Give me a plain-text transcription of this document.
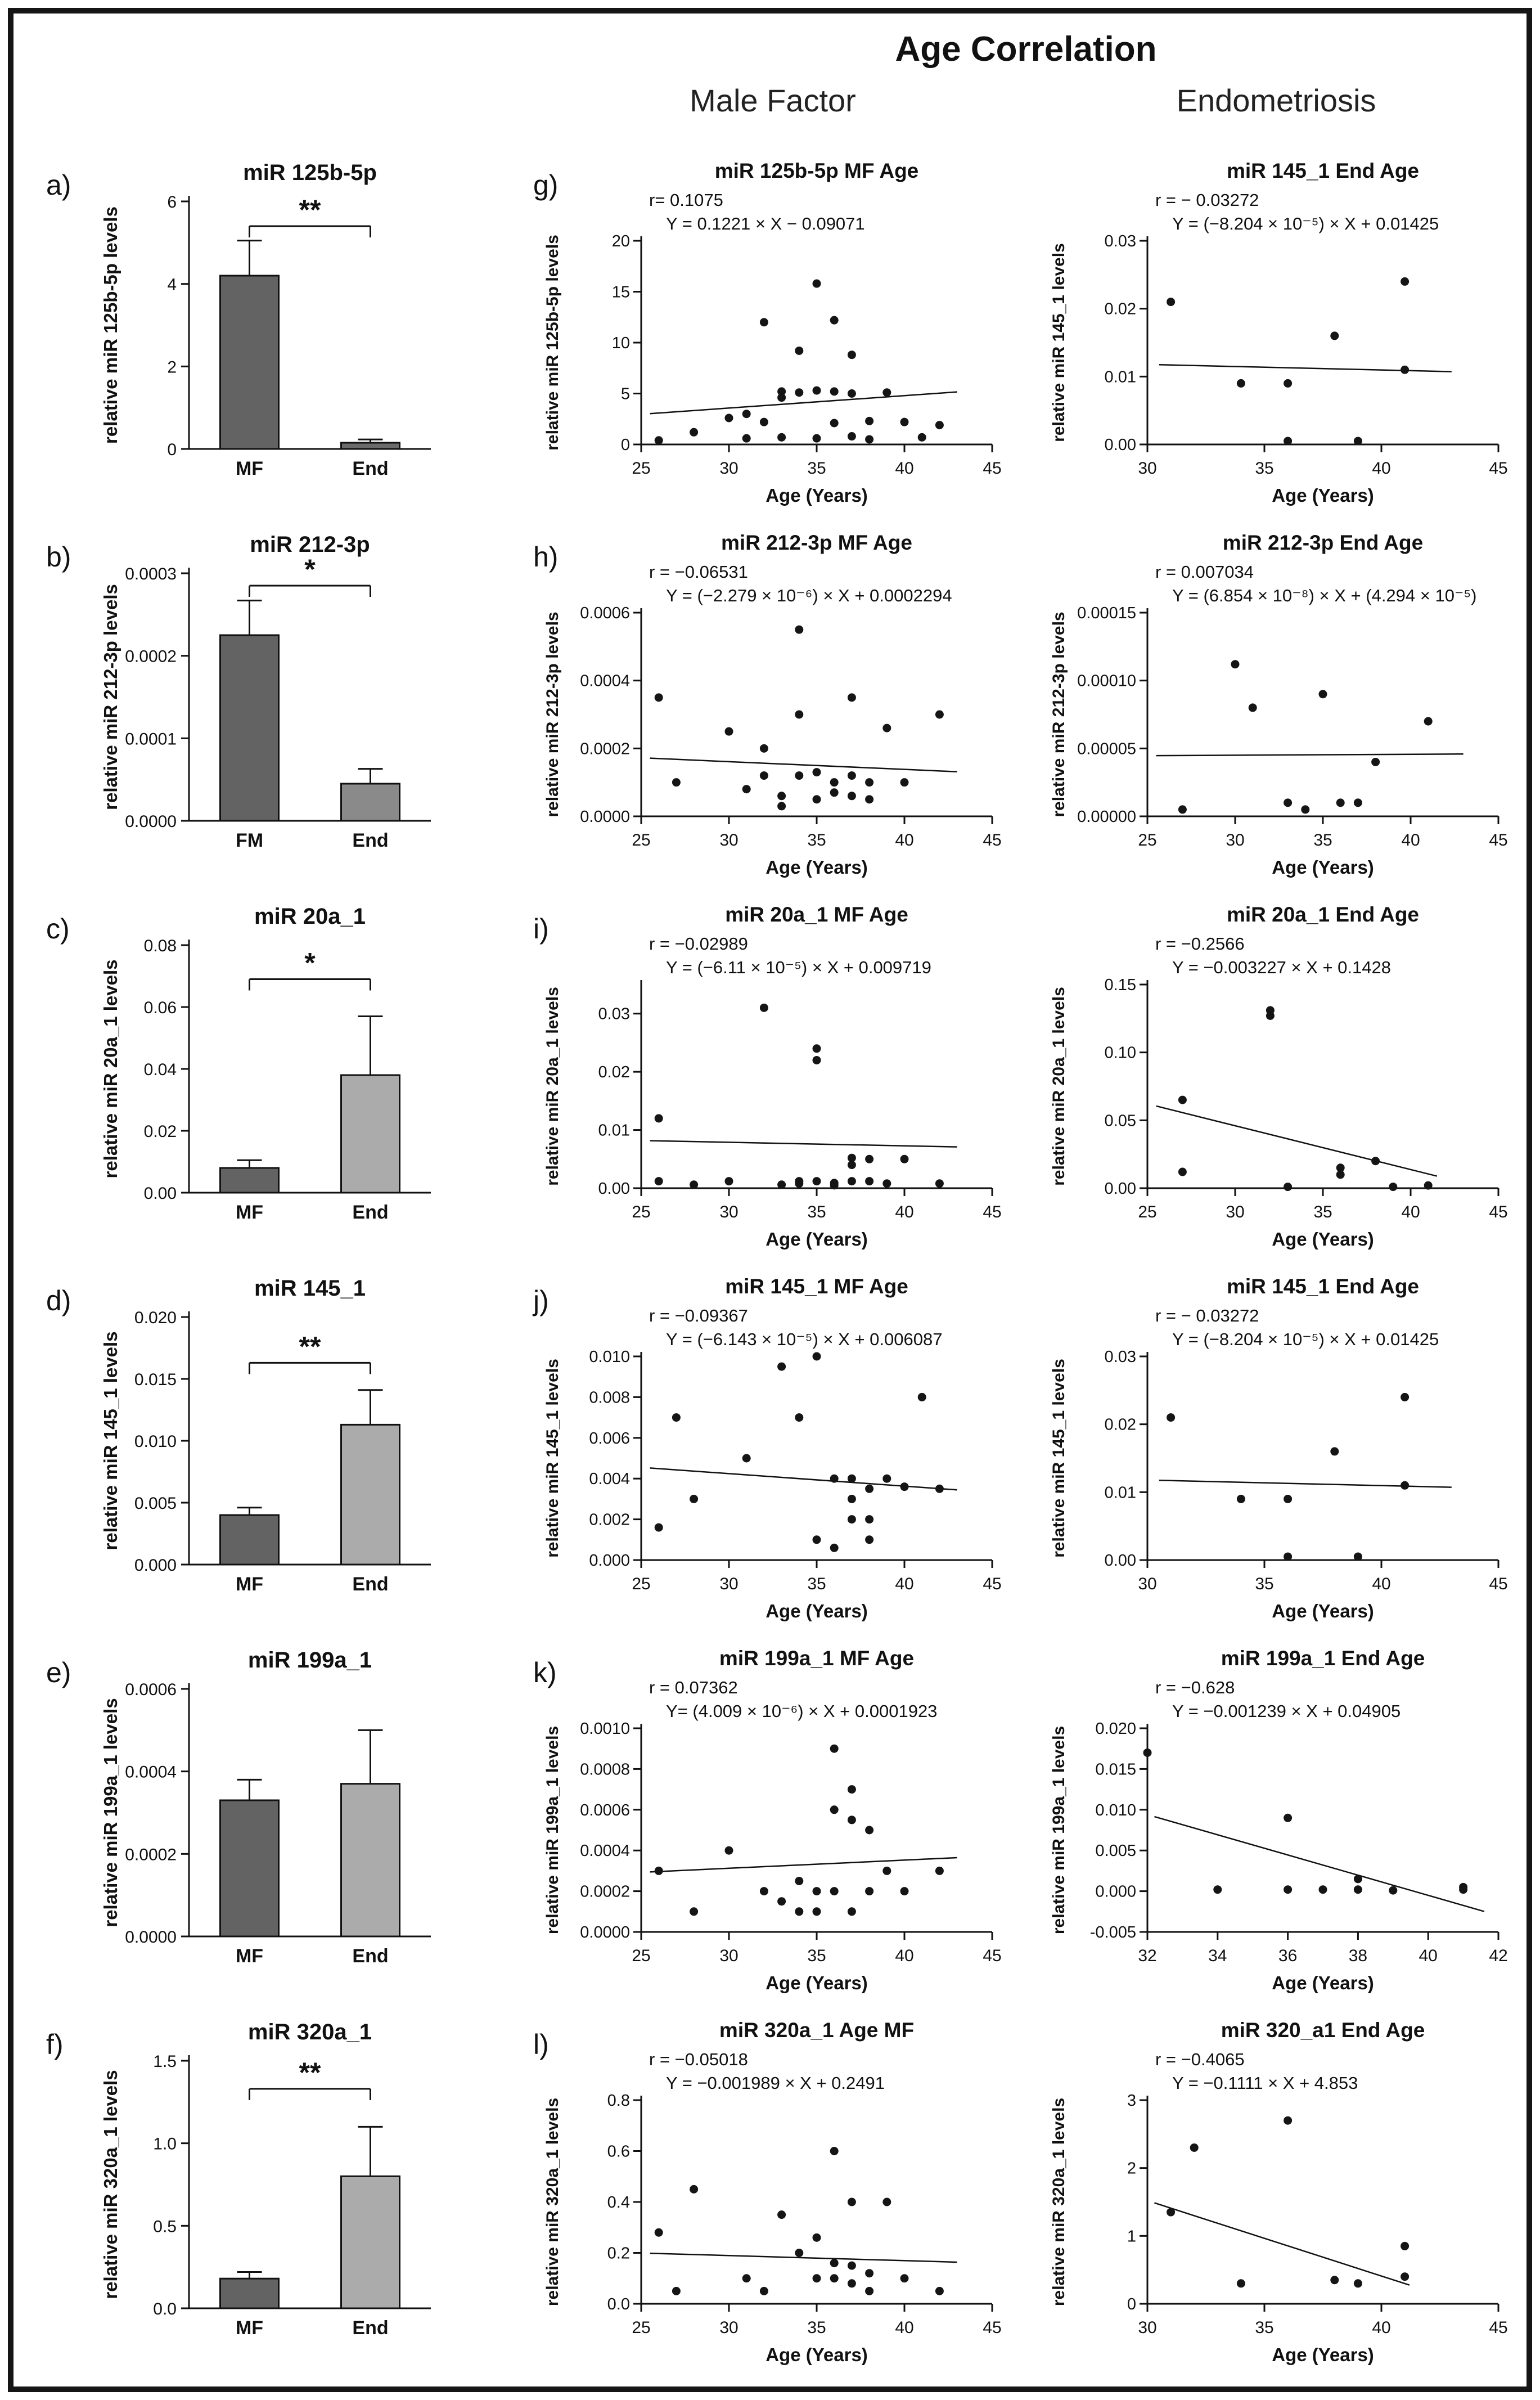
Age Correlation
Male Factor	Endometriosis
a)	miR 125b-5p
0
2
4
6
relative miR 125b-5p levels
MF	End
**
g)	miR 125b-5p MF Age
r= 0.1075
Y = 0.1221 × X − 0.09071
25	30	35	40	45
0
5
10
15
20
Age (Years)
relative miR 125b-5p levels
miR 145_1 End Age
r = − 0.03272
Y = (−8.204 × 10⁻⁵) × X + 0.01425
30	35	40	45
0.00
0.01
0.02
0.03
Age (Years)
relative miR 145_1 levels
b)	miR 212-3p
0.0000
0.0001
0.0002
0.0003
relative miR 212-3p levels
FM	End
*	h)	miR 212-3p MF Age
r = −0.06531
Y = (−2.279 × 10⁻⁶) × X + 0.0002294
25	30	35	40	45
0.0000
0.0002
0.0004
0.0006
Age (Years)
relative miR 212-3p levels
miR 212-3p End Age
r = 0.007034
Y = (6.854 × 10⁻⁸) × X + (4.294 × 10⁻⁵)
25	30	35	40	45
0.00000
0.00005
0.00010
0.00015
Age (Years)
relative miR 212-3p levels
c)	miR 20a_1
0.00
0.02
0.04
0.06
0.08
relative miR 20a_1 levels
MF	End
*
i)	miR 20a_1 MF Age
r = −0.02989
Y = (−6.11 × 10⁻⁵) × X + 0.009719
25	30	35	40	45
0.00
0.01
0.02
0.03
Age (Years)
relative miR 20a_1 levels
miR 20a_1 End Age
r = −0.2566
Y = −0.003227 × X + 0.1428
25	30	35	40	45
0.00
0.05
0.10
0.15
Age (Years)
relative miR 20a_1 levels
d)	miR 145_1
0.000
0.005
0.010
0.015
0.020
relative miR 145_1 levels
MF	End
**
j)	miR 145_1 MF Age
r = −0.09367
Y = (−6.143 × 10⁻⁵) × X + 0.006087
25	30	35	40	45
0.000
0.002
0.004
0.006
0.008
0.010
Age (Years)
relative miR 145_1 levels
miR 145_1 End Age
r = − 0.03272
Y = (−8.204 × 10⁻⁵) × X + 0.01425
30	35	40	45
0.00
0.01
0.02
0.03
Age (Years)
relative miR 145_1 levels
e)	miR 199a_1
0.0000
0.0002
0.0004
0.0006
relative miR 199a_1 levels
MF	End
k)	miR 199a_1 MF Age
r = 0.07362
Y= (4.009 × 10⁻⁶) × X + 0.0001923
25	30	35	40	45
0.0000
0.0002
0.0004
0.0006
0.0008
0.0010
Age (Years)
relative miR 199a_1 levels
miR 199a_1 End Age
r = −0.628
Y = −0.001239 × X + 0.04905
32	34	36	38	40	42
-0.005
0.000
0.005
0.010
0.015
0.020
Age (Years)
relative miR 199a_1 levels
f)	miR 320a_1
0.0
0.5
1.0
1.5
relative miR 320a_1 levels
MF	End
**
l)	miR 320a_1 Age MF
r = −0.05018
Y = −0.001989 × X + 0.2491
25	30	35	40	45
0.0
0.2
0.4
0.6
0.8
Age (Years)
relative miR 320a_1 levels
miR 320_a1 End Age
r = −0.4065
Y = −0.1111 × X + 4.853
30	35	40	45
0
1
2
3
Age (Years)
relative miR 320a_1 levels
